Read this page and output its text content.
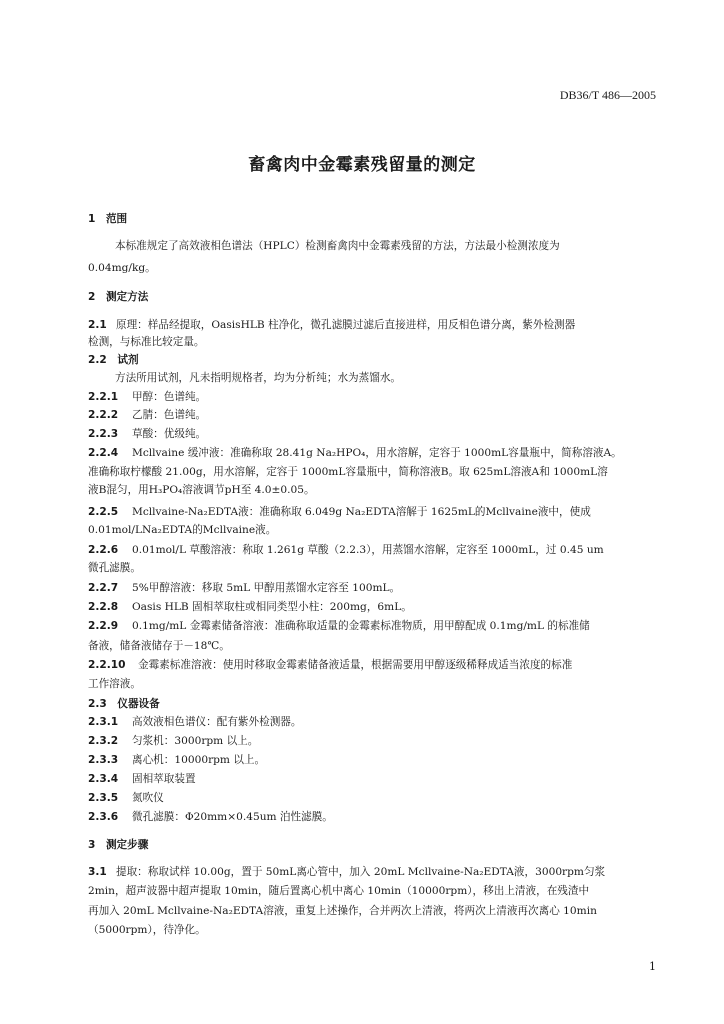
DB36/T 486—2005
畜禽肉中金霉素残留量的测定
1　范围
本标准规定了高效液相色谱法（HPLC）检测畜禽肉中金霉素残留的方法，方法最小检测浓度为
0.04mg/kg。
2　测定方法
2.1 原理：样品经提取，OasisHLB 柱净化，微孔滤膜过滤后直接进样，用反相色谱分离，紫外检测器
检测，与标准比较定量。
2.2　试剂
方法所用试剂，凡未指明规格者，均为分析纯；水为蒸馏水。
2.2.1 甲醇：色谱纯。
2.2.2 乙腈：色谱纯。
2.2.3 草酸：优级纯。
2.2.4 Mcllvaine 缓冲液：准确称取 28.41g Na₂HPO₄，用水溶解，定容于 1000mL容量瓶中，简称溶液A。
准确称取柠檬酸 21.00g，用水溶解，定容于 1000mL容量瓶中，简称溶液B。取 625mL溶液A和 1000mL溶
液B混匀，用H₃PO₄溶液调节pH至 4.0±0.05。
2.2.5 Mcllvaine-Na₂EDTA液：准确称取 6.049g Na₂EDTA溶解于 1625mL的Mcllvaine液中，使成
0.01mol/LNa₂EDTA的Mcllvaine液。
2.2.6 0.01mol/L 草酸溶液：称取 1.261g 草酸（2.2.3），用蒸馏水溶解，定容至 1000mL，过 0.45 um
微孔滤膜。
2.2.7 5%甲醇溶液：移取 5mL 甲醇用蒸馏水定容至 100mL。
2.2.8 Oasis HLB 固相萃取柱或相同类型小柱：200mg，6mL。
2.2.9 0.1mg/mL 金霉素储备溶液：准确称取适量的金霉素标准物质，用甲醇配成 0.1mg/mL 的标准储
备液，储备液储存于－18℃。
2.2.10 金霉素标准溶液：使用时移取金霉素储备液适量，根据需要用甲醇逐级稀释成适当浓度的标准
工作溶液。
2.3　仪器设备
2.3.1 高效液相色谱仪：配有紫外检测器。
2.3.2 匀浆机：3000rpm 以上。
2.3.3 离心机：10000rpm 以上。
2.3.4 固相萃取装置
2.3.5 氮吹仪
2.3.6 微孔滤膜：Φ20mm×0.45um 泊性滤膜。
3　测定步骤
3.1 提取：称取试样 10.00g，置于 50mL离心管中，加入 20mL Mcllvaine-Na₂EDTA液，3000rpm匀浆
2min，超声波器中超声提取 10min，随后置离心机中离心 10min（10000rpm），移出上清液，在残渣中
再加入 20mL Mcllvaine-Na₂EDTA溶液，重复上述操作，合并两次上清液，将两次上清液再次离心 10min
（5000rpm），待净化。
1
